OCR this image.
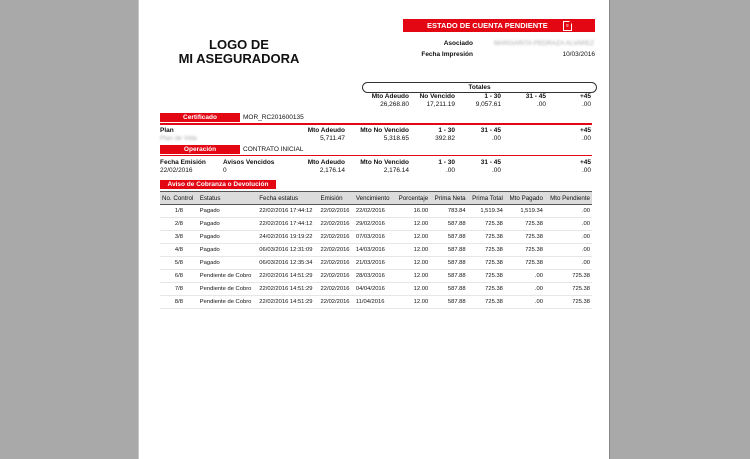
LOGO DE
MI ASEGURADORA
ESTADO DE CUENTA PENDIENTE	≡
Asociado	MARGARITA PEDRAZA ALVAREZ
Fecha Impresión	10/03/2016
Totales
Mto Adeudo	No Vencido	1 - 30	31 - 45	+45
26,268.80	17,211.19	9,057.61	.00	.00
Certificado	MOR_RC201600135
Plan
Plan de Vida
Mto Adeudo	Mto No Vencido	1 - 30	31 - 45	+45
5,711.47	5,318.65	392.82	.00	.00
Operación	CONTRATO INICIAL
Fecha Emisión	Avisos Vencidos
22/02/2016	0
Mto Adeudo	Mto No Vencido	1 - 30	31 - 45	+45
2,176.14	2,176.14	.00	.00	.00
Aviso de Cobranza o Devolución
No. Control	Estatus	Fecha estatus	Emisión	Vencimiento	Porcentaje	Prima Neta	Prima Total	Mto Pagado	Mto Pendiente
1/8	Pagado	22/02/2016 17:44:12	22/02/2016	22/02/2016	16.00	783.84	1,519.34	1,519.34	.00
2/8	Pagado	22/02/2016 17:44:12	22/02/2016	29/02/2016	12.00	587.88	725.38	725.38	.00
3/8	Pagado	24/02/2016 19:19:22	22/02/2016	07/03/2016	12.00	587.88	725.38	725.38	.00
4/8	Pagado	06/03/2016 12:31:09	22/02/2016	14/03/2016	12.00	587.88	725.38	725.38	.00
5/8	Pagado	06/03/2016 12:35:34	22/02/2016	21/03/2016	12.00	587.88	725.38	725.38	.00
6/8	Pendiente de Cobro	22/02/2016 14:51:29	22/02/2016	28/03/2016	12.00	587.88	725.38	.00	725.38
7/8	Pendiente de Cobro	22/02/2016 14:51:29	22/02/2016	04/04/2016	12.00	587.88	725.38	.00	725.38
8/8	Pendiente de Cobro	22/02/2016 14:51:29	22/02/2016	11/04/2016	12.00	587.88	725.38	.00	725.38
